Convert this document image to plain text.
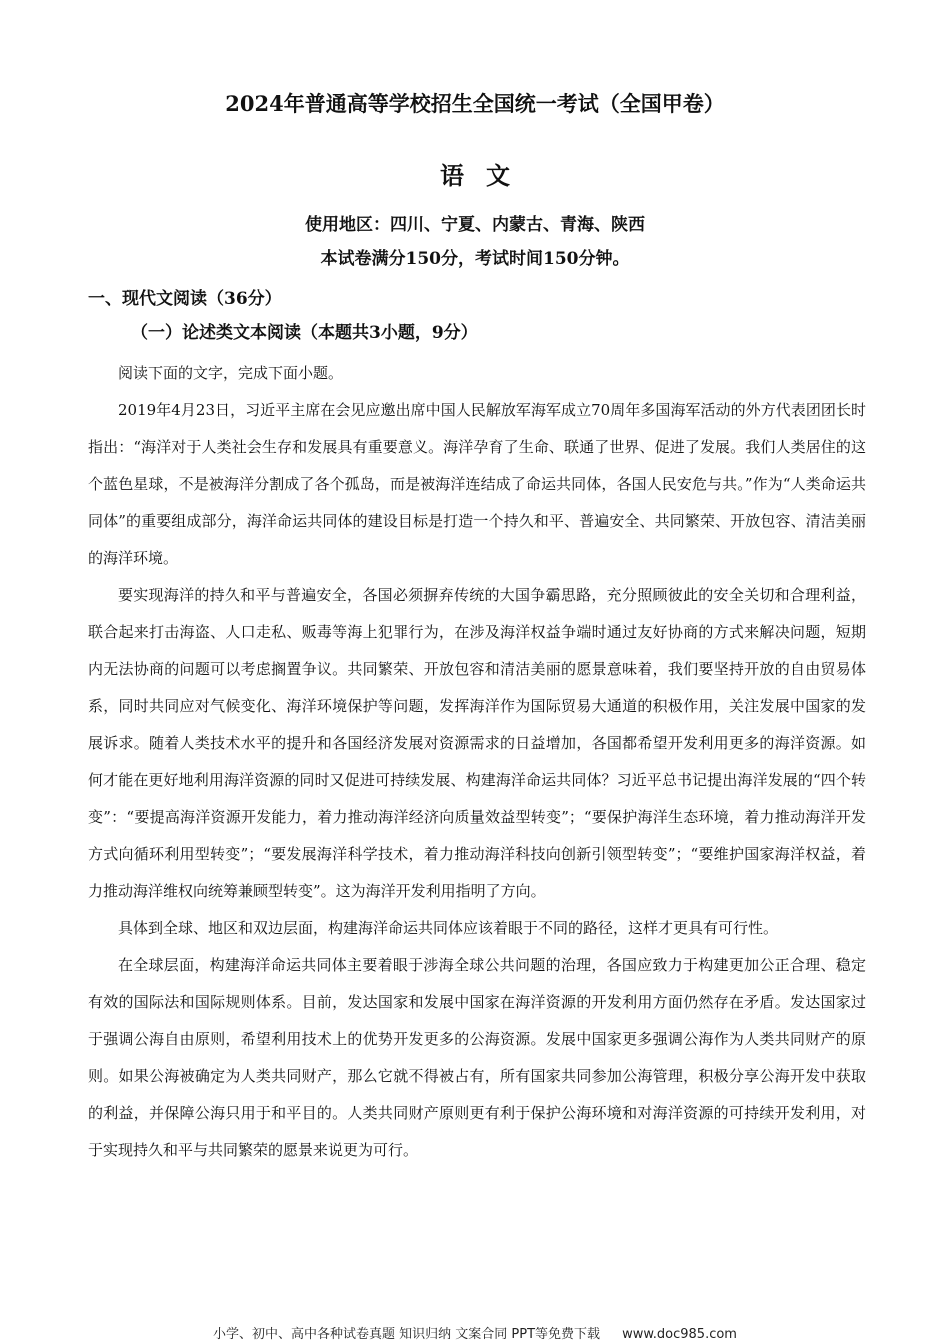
2024年普通高等学校招生全国统一考试（全国甲卷）
语文
使用地区：四川、宁夏、内蒙古、青海、陕西
本试卷满分150分，考试时间150分钟。
一、现代文阅读（36分）
（一）论述类文本阅读（本题共3小题，9分）

阅读下面的文字，完成下面小题。

2019年4月23日，习近平主席在会见应邀出席中国人民解放军海军成立70周年多国海军活动的外方代表团团长时指出：“海洋对于人类社会生存和发展具有重要意义。海洋孕育了生命、联通了世界、促进了发展。我们人类居住的这个蓝色星球，不是被海洋分割成了各个孤岛，而是被海洋连结成了命运共同体，各国人民安危与共。”作为“人类命运共同体”的重要组成部分，海洋命运共同体的建设目标是打造一个持久和平、普遍安全、共同繁荣、开放包容、清洁美丽的海洋环境。

要实现海洋的持久和平与普遍安全，各国必须摒弃传统的大国争霸思路，充分照顾彼此的安全关切和合理利益，联合起来打击海盗、人口走私、贩毒等海上犯罪行为，在涉及海洋权益争端时通过友好协商的方式来解决问题，短期内无法协商的问题可以考虑搁置争议。共同繁荣、开放包容和清洁美丽的愿景意味着，我们要坚持开放的自由贸易体系，同时共同应对气候变化、海洋环境保护等问题，发挥海洋作为国际贸易大通道的积极作用，关注发展中国家的发展诉求。随着人类技术水平的提升和各国经济发展对资源需求的日益增加，各国都希望开发利用更多的海洋资源。如何才能在更好地利用海洋资源的同时又促进可持续发展、构建海洋命运共同体？习近平总书记提出海洋发展的“四个转变”：“要提高海洋资源开发能力，着力推动海洋经济向质量效益型转变”；“要保护海洋生态环境，着力推动海洋开发方式向循环利用型转变”；“要发展海洋科学技术，着力推动海洋科技向创新引领型转变”；“要维护国家海洋权益，着力推动海洋维权向统筹兼顾型转变”。这为海洋开发利用指明了方向。

具体到全球、地区和双边层面，构建海洋命运共同体应该着眼于不同的路径，这样才更具有可行性。

在全球层面，构建海洋命运共同体主要着眼于涉海全球公共问题的治理，各国应致力于构建更加公正合理、稳定有效的国际法和国际规则体系。目前，发达国家和发展中国家在海洋资源的开发利用方面仍然存在矛盾。发达国家过于强调公海自由原则，希望利用技术上的优势开发更多的公海资源。发展中国家更多强调公海作为人类共同财产的原则。如果公海被确定为人类共同财产，那么它就不得被占有，所有国家共同参加公海管理，积极分享公海开发中获取的利益，并保障公海只用于和平目的。人类共同财产原则更有利于保护公海环境和对海洋资源的可持续开发利用，对于实现持久和平与共同繁荣的愿景来说更为可行。

小学、初中、高中各种试卷真题 知识归纳 文案合同 PPT等免费下载 www.doc985.com
